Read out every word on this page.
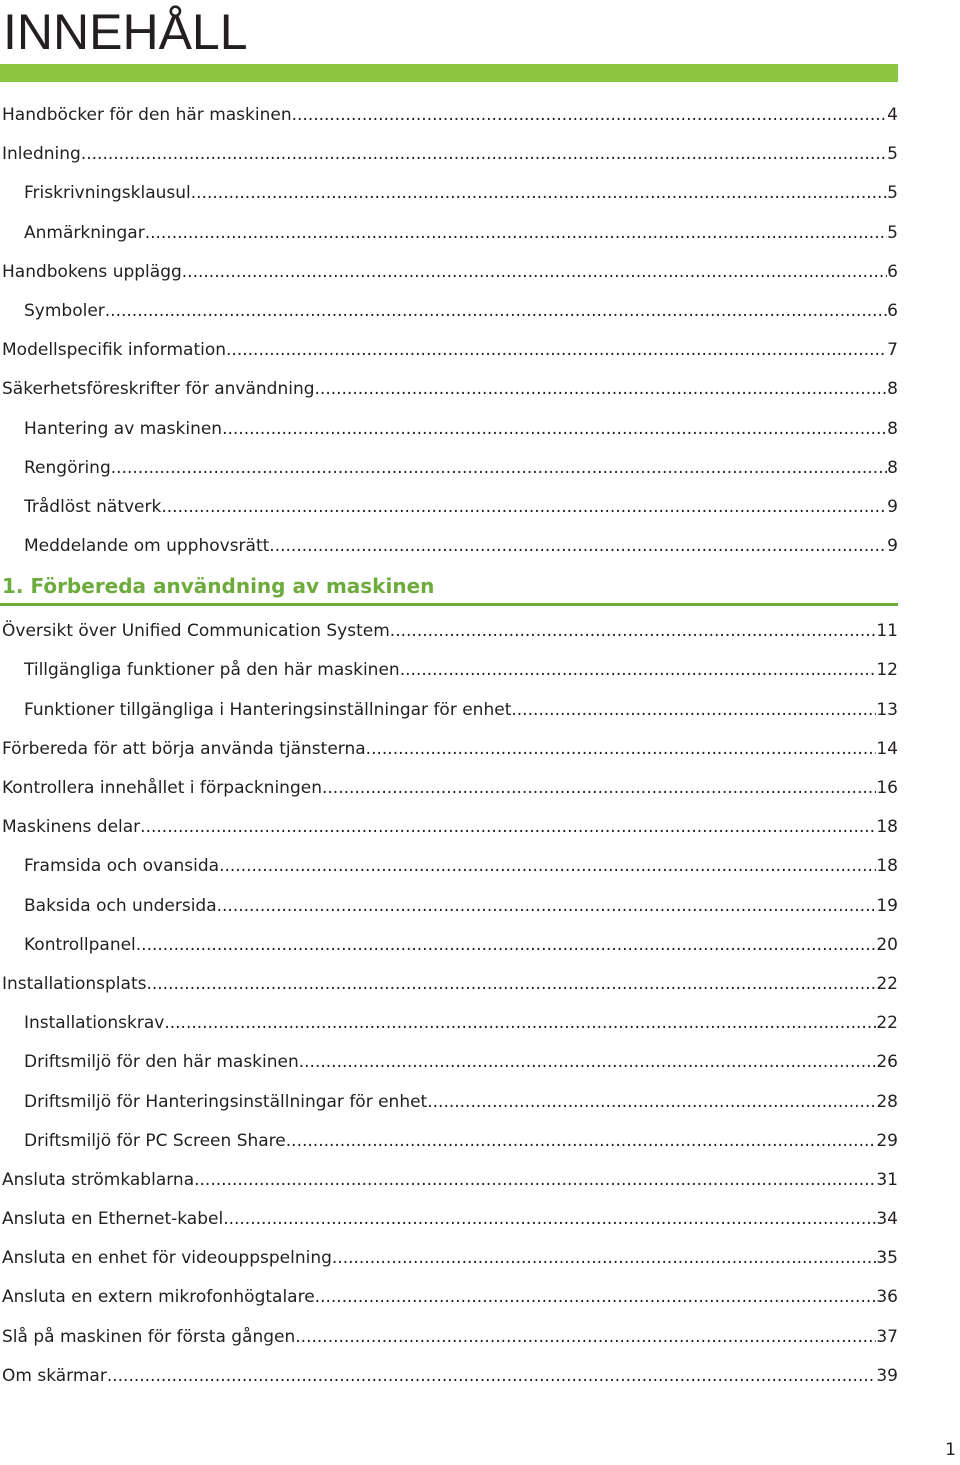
INNEHÅLL
Handböcker för den här maskinen .....	4
Inledning .....	5
Friskrivningsklausul .....	5
Anmärkningar .....	5
Handbokens upplägg .....	6
Symboler .....	6
Modellspecifik information .....	7
Säkerhetsföreskrifter för användning .....	8
Hantering av maskinen .....	8
Rengöring .....	8
Trådlöst nätverk .....	9
Meddelande om upphovsrätt .....	9
1. Förbereda användning av maskinen
Översikt över Unified Communication System .....	11
Tillgängliga funktioner på den här maskinen .....	12
Funktioner tillgängliga i Hanteringsinställningar för enhet .....	13
Förbereda för att börja använda tjänsterna .....	14
Kontrollera innehållet i förpackningen .....	16
Maskinens delar .....	18
Framsida och ovansida .....	18
Baksida och undersida .....	19
Kontrollpanel .....	20
Installationsplats .....	22
Installationskrav .....	22
Driftsmiljö för den här maskinen .....	26
Driftsmiljö för Hanteringsinställningar för enhet .....	28
Driftsmiljö för PC Screen Share .....	29
Ansluta strömkablarna .....	31
Ansluta en Ethernet-kabel .....	34
Ansluta en enhet för videouppspelning .....	35
Ansluta en extern mikrofonhögtalare .....	36
Slå på maskinen för första gången .....	37
Om skärmar .....	39
1
